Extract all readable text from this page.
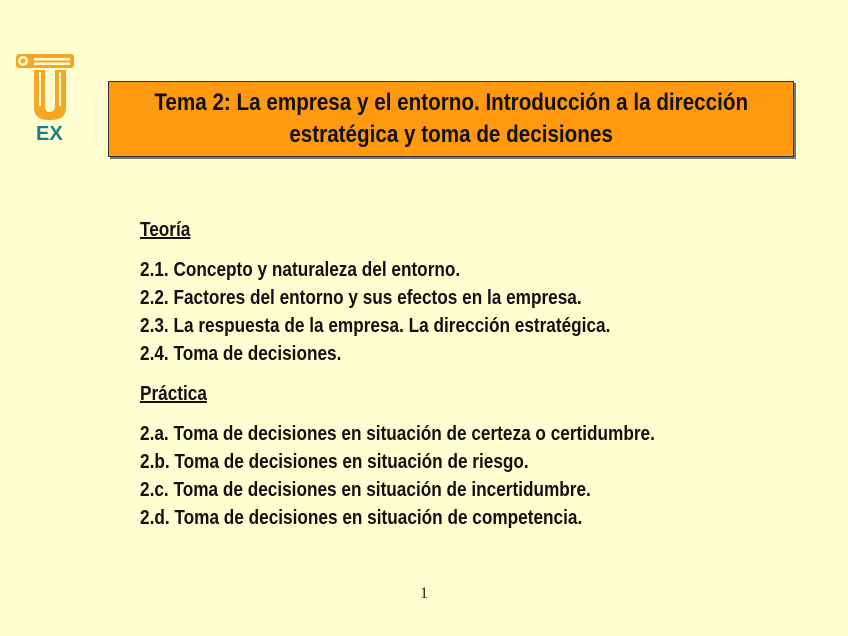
EX
Tema 2: La empresa y el entorno. Introducción a la dirección
estratégica y toma de decisiones
Teoría
2.1. Concepto y naturaleza del entorno.
2.2. Factores del entorno y sus efectos en la empresa.
2.3. La respuesta de la empresa. La dirección estratégica.
2.4. Toma de decisiones.
Práctica
2.a. Toma de decisiones en situación de certeza o certidumbre.
2.b. Toma de decisiones en situación de riesgo.
2.c. Toma de decisiones en situación de incertidumbre.
2.d. Toma de decisiones en situación de competencia.
1
